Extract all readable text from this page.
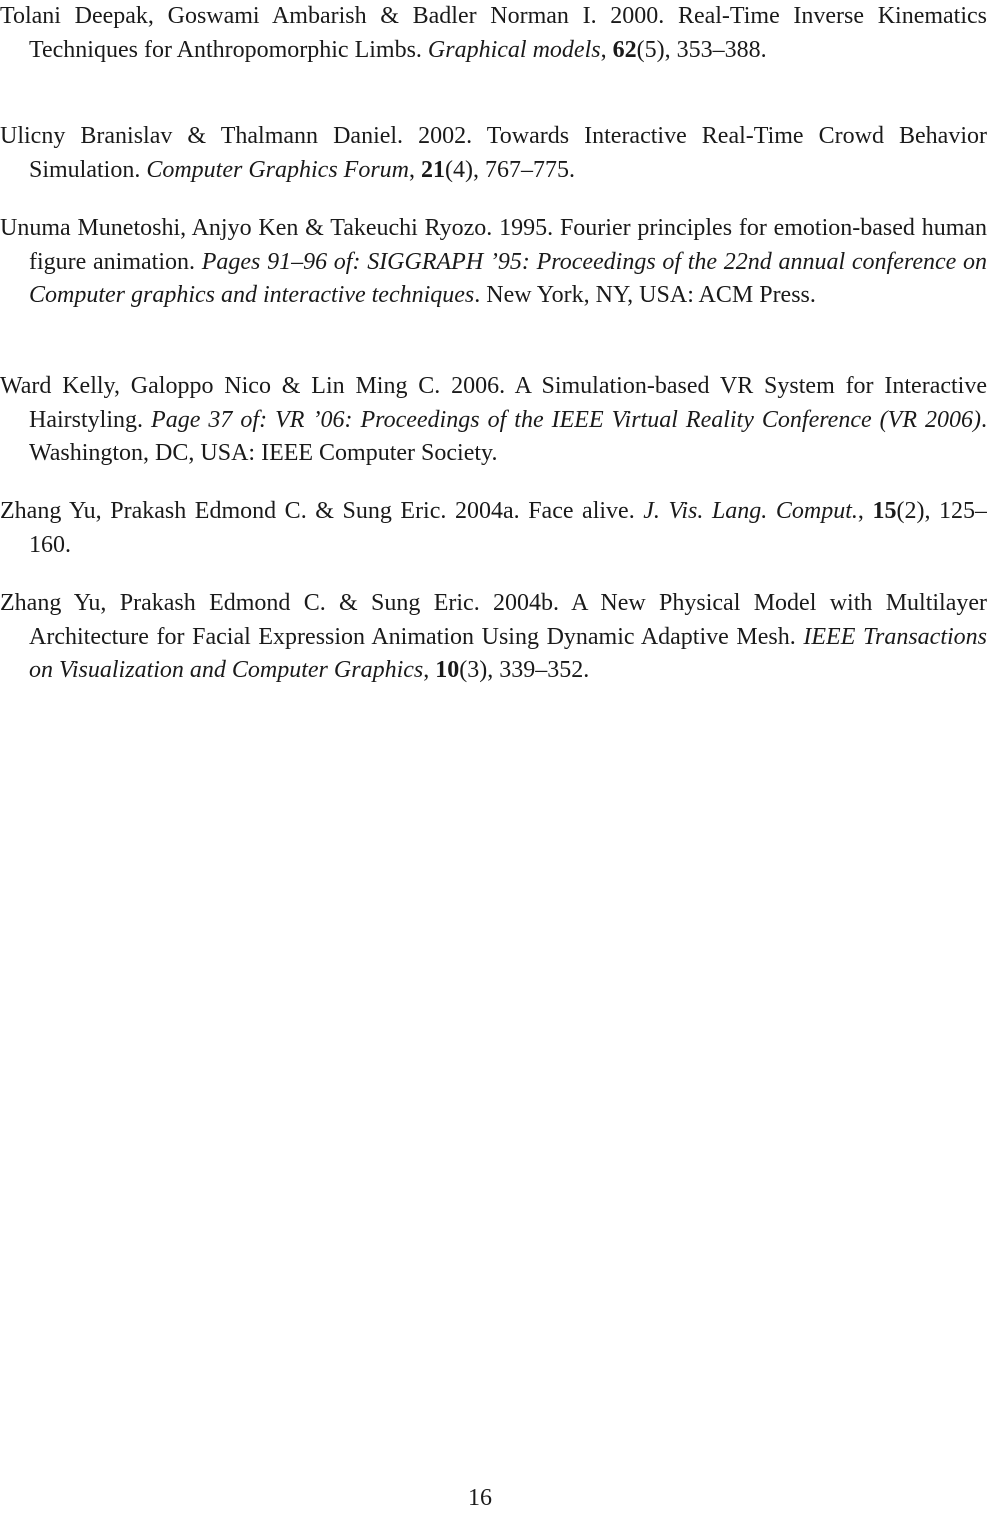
Tolani Deepak, Goswami Ambarish & Badler Norman I. 2000. Real-Time Inverse Kinematics Techniques for Anthropomorphic Limbs. Graphical models, 62(5), 353–388.
Ulicny Branislav & Thalmann Daniel. 2002. Towards Interactive Real-Time Crowd Behavior Simulation. Computer Graphics Forum, 21(4), 767–775.
Unuma Munetoshi, Anjyo Ken & Takeuchi Ryozo. 1995. Fourier principles for emotion-based human figure animation. Pages 91–96 of: SIGGRAPH ’95: Proceedings of the 22nd annual conference on Computer graphics and interactive techniques. New York, NY, USA: ACM Press.
Ward Kelly, Galoppo Nico & Lin Ming C. 2006. A Simulation-based VR System for Interactive Hairstyling. Page 37 of: VR ’06: Proceedings of the IEEE Virtual Reality Conference (VR 2006). Washington, DC, USA: IEEE Computer Society.
Zhang Yu, Prakash Edmond C. & Sung Eric. 2004a. Face alive. J. Vis. Lang. Comput., 15(2), 125–160.
Zhang Yu, Prakash Edmond C. & Sung Eric. 2004b. A New Physical Model with Multilayer Architecture for Facial Expression Animation Using Dynamic Adaptive Mesh. IEEE Transactions on Visualization and Computer Graphics, 10(3), 339–352.
16
